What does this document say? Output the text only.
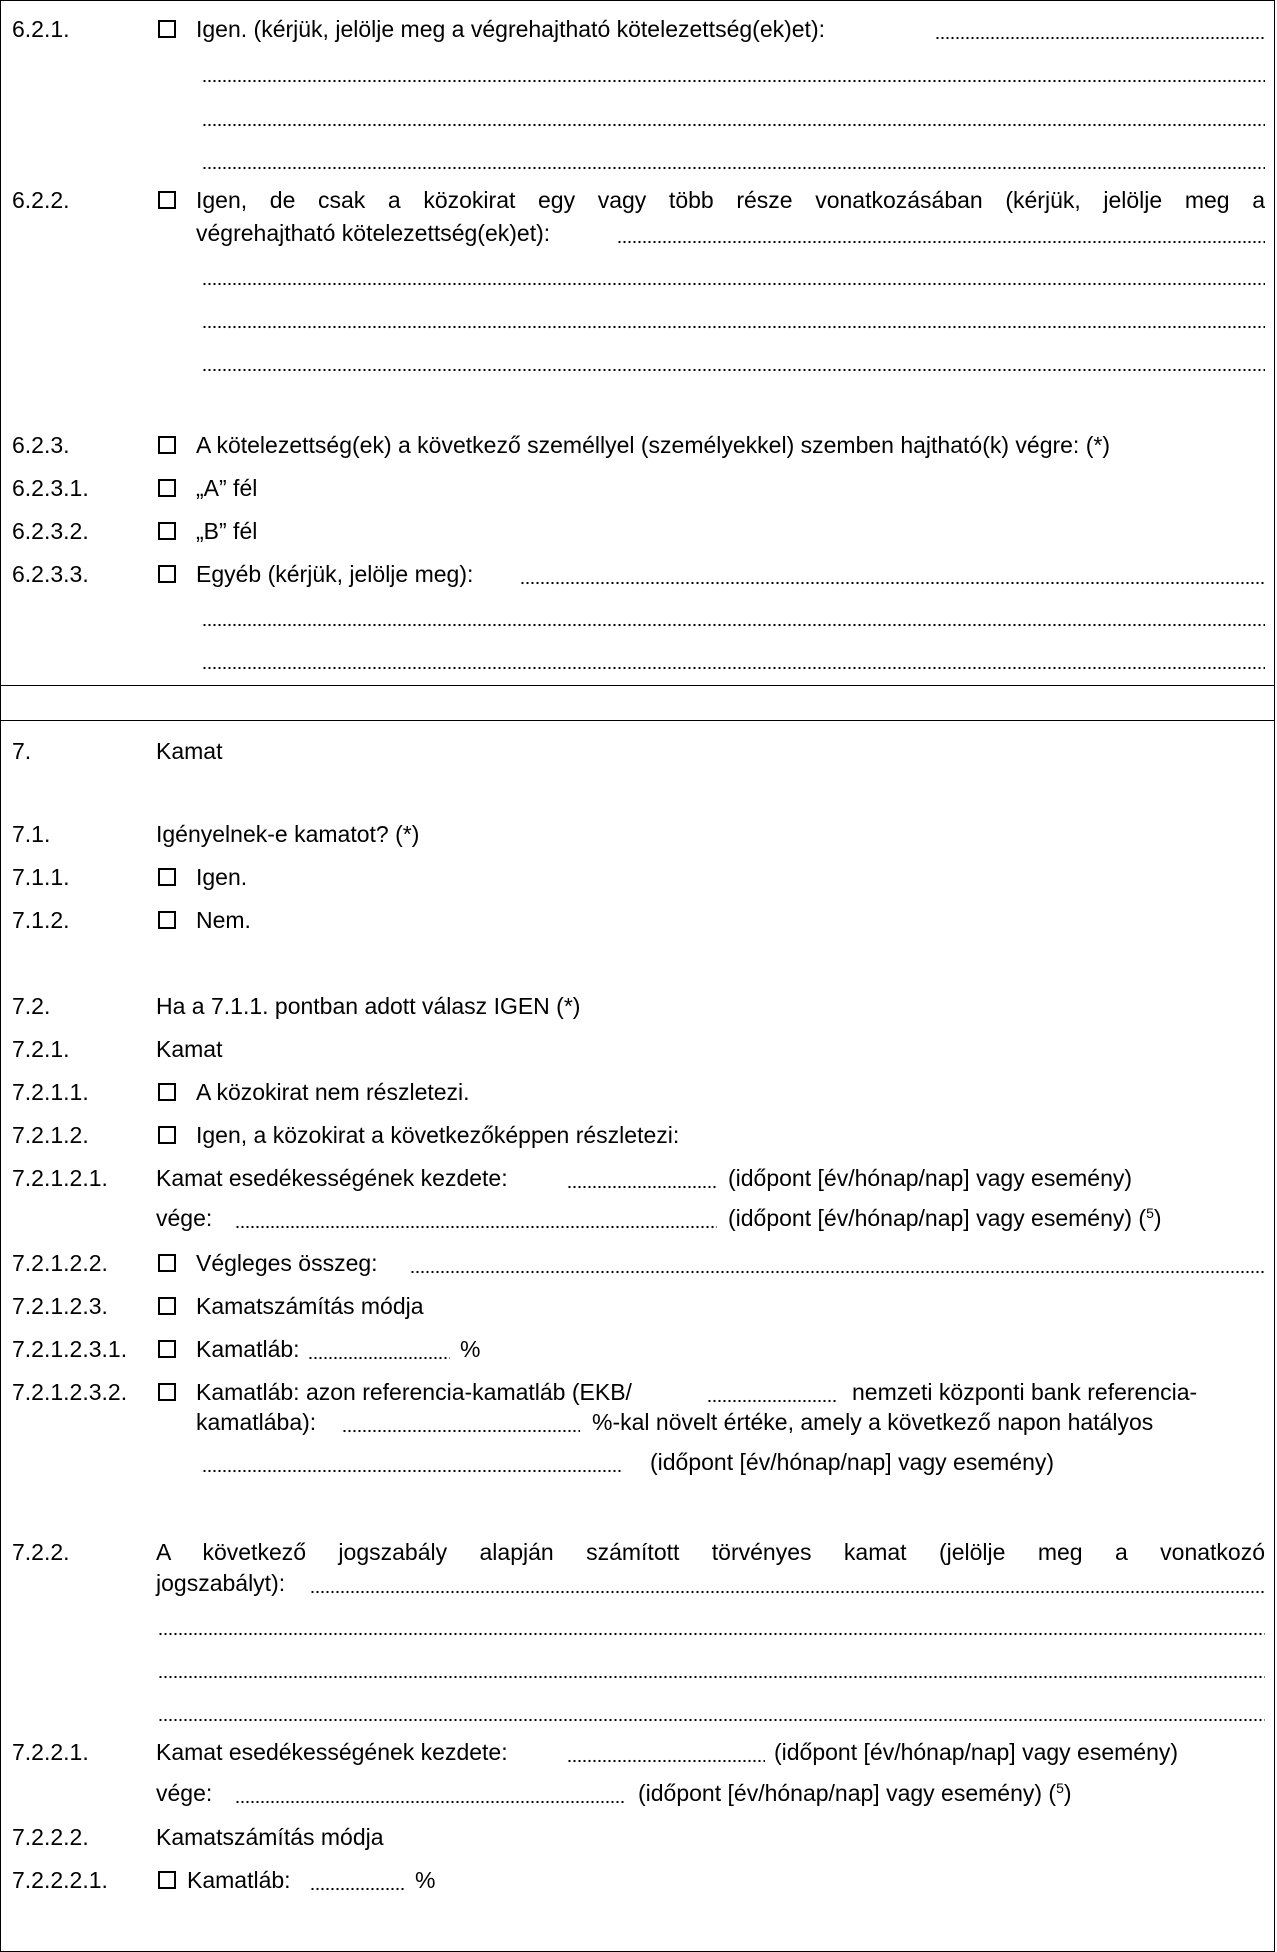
6.2.1.	Igen. (kérjük, jelölje meg a végrehajtható kötelezettség(ek)et):
6.2.2.	Igen, de csak a közokirat egy vagy több része vonatkozásában (kérjük, jelölje meg a
végrehajtható kötelezettség(ek)et):
6.2.3.	A kötelezettség(ek) a következő személlyel (személyekkel) szemben hajtható(k) végre: (*)
6.2.3.1.	„A” fél
6.2.3.2.	„B” fél
6.2.3.3.	Egyéb (kérjük, jelölje meg):
7.	Kamat
7.1.	Igényelnek-e kamatot? (*)
7.1.1.	Igen.
7.1.2.	Nem.
7.2.	Ha a 7.1.1. pontban adott válasz IGEN (*)
7.2.1.	Kamat
7.2.1.1.	A közokirat nem részletezi.
7.2.1.2.	Igen, a közokirat a következőképpen részletezi:
7.2.1.2.1. Kamat esedékességének kezdete:	(időpont [év/hónap/nap] vagy esemény)
vége:	(időpont [év/hónap/nap] vagy esemény) ($^5$)
7.2.1.2.2.	Végleges összeg:
7.2.1.2.3.	Kamatszámítás módja
7.2.1.2.3.1.	Kamatláb:	%
7.2.1.2.3.2.	Kamatláb: azon referencia-kamatláb (EKB/	nemzeti központi bank referencia-
kamatlába):	%-kal növelt értéke, amely a következő napon hatályos
(időpont [év/hónap/nap] vagy esemény)
7.2.2.	A következő jogszabály alapján számított törvényes kamat (jelölje meg a vonatkozó
jogszabályt):
7.2.2.1.	Kamat esedékességének kezdete:	(időpont [év/hónap/nap] vagy esemény)
vége:	(időpont [év/hónap/nap] vagy esemény) ($^5$)
7.2.2.2.	Kamatszámítás módja
7.2.2.2.1.	Kamatláb:	%
